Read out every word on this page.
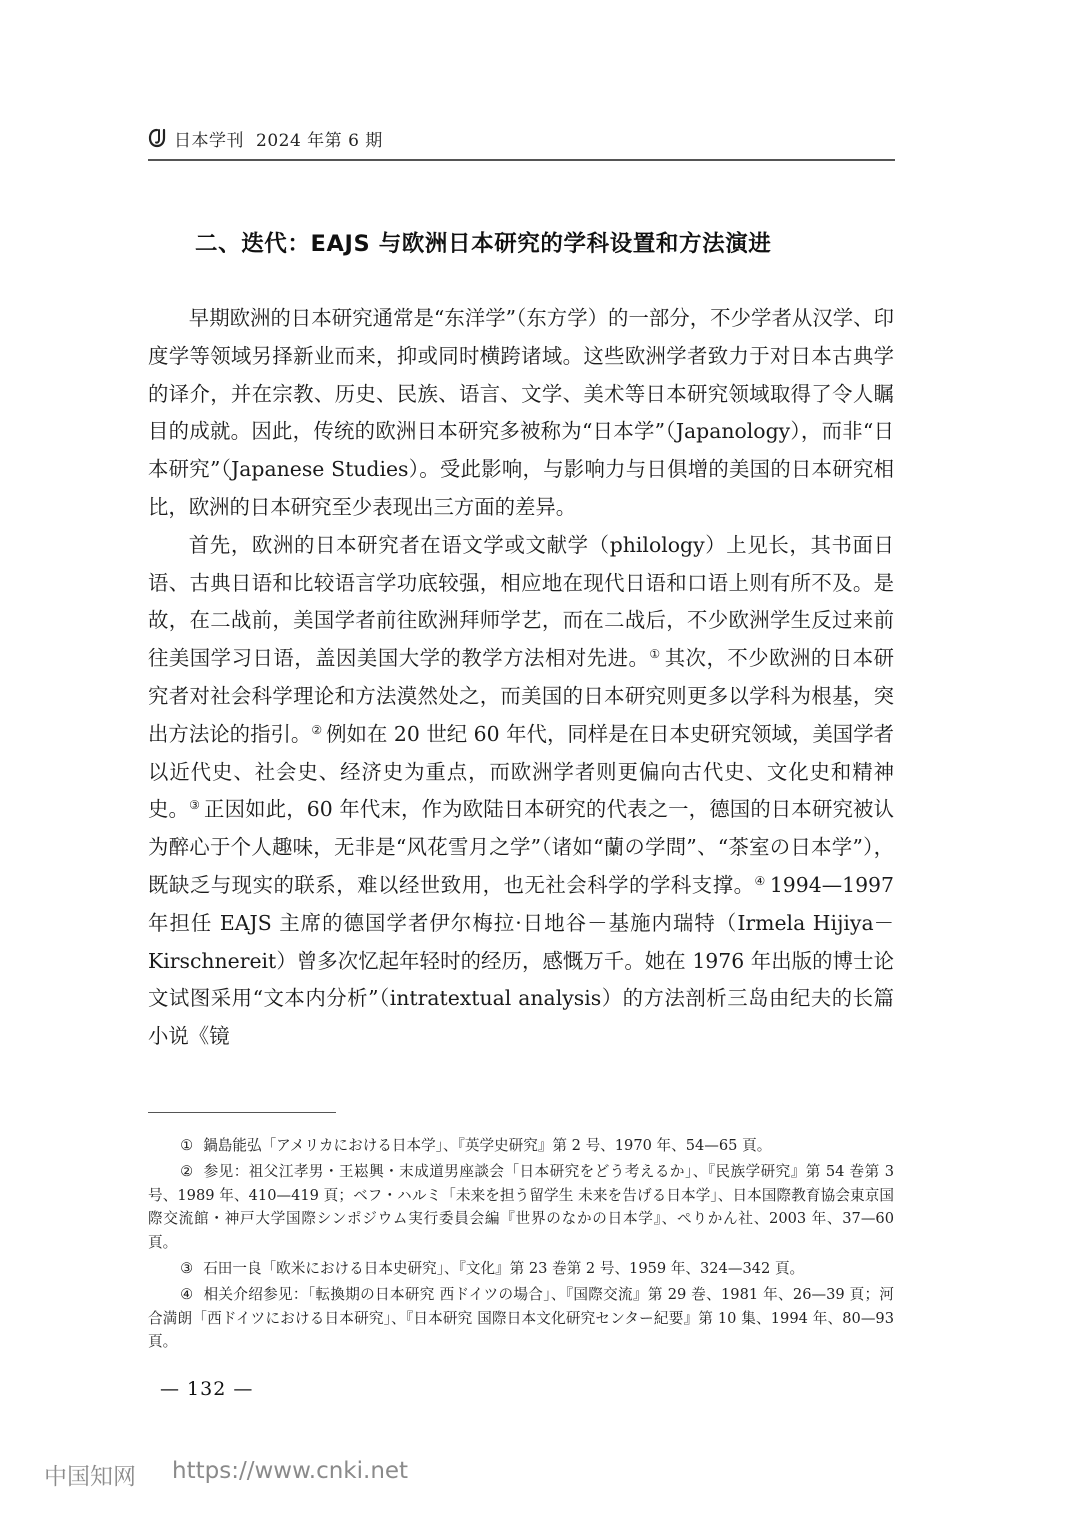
日本学刊 2024 年第 6 期
二、迭代：EAJS 与欧洲日本研究的学科设置和方法演进

早期欧洲的日本研究通常是“东洋学”（东方学）的一部分，不少学者从汉学、印度学等领域另择新业而来，抑或同时横跨诸域。这些欧洲学者致力于对日本古典学的译介，并在宗教、历史、民族、语言、文学、美术等日本研究领域取得了令人瞩目的成就。因此，传统的欧洲日本研究多被称为“日本学”（Japanology），而非“日本研究”（Japanese Studies）。受此影响，与影响力与日俱增的美国的日本研究相比，欧洲的日本研究至少表现出三方面的差异。

首先，欧洲的日本研究者在语文学或文献学（philology）上见长，其书面日语、古典日语和比较语言学功底较强，相应地在现代日语和口语上则有所不及。是故，在二战前，美国学者前往欧洲拜师学艺，而在二战后，不少欧洲学生反过来前往美国学习日语，盖因美国大学的教学方法相对先进。① 其次，不少欧洲的日本研究者对社会科学理论和方法漠然处之，而美国的日本研究则更多以学科为根基，突出方法论的指引。② 例如在 20 世纪 60 年代，同样是在日本史研究领域，美国学者以近代史、社会史、经济史为重点，而欧洲学者则更偏向古代史、文化史和精神史。③ 正因如此，60 年代末，作为欧陆日本研究的代表之一，德国的日本研究被认为醉心于个人趣味，无非是“风花雪月之学”（诸如“蘭の学問”、“茶室の日本学”），既缺乏与现实的联系，难以经世致用，也无社会科学的学科支撑。④ 1994—1997 年担任 EAJS 主席的德国学者伊尔梅拉·日地谷－基施内瑞特（Irmela Hijiya－Kirschnereit）曾多次忆起年轻时的经历，感慨万千。她在 1976 年出版的博士论文试图采用“文本内分析”（intratextual analysis）的方法剖析三岛由纪夫的长篇小说《镜

① 鍋島能弘「アメリカにおける日本学」、『英学史研究』第 2 号、1970 年、54—65 頁。

② 参见：祖父江孝男・王崧興・末成道男座談会「日本研究をどう考えるか」、『民族学研究』第 54 巻第 3 号、1989 年、410—419 頁；ベフ・ハルミ「未来を担う留学生 未来を告げる日本学」、日本国際教育協会東京国際交流館・神戸大学国際シンポジウム実行委員会編『世界のなかの日本学』、ぺりかん社、2003 年、37—60 頁。

③ 石田一良「欧米における日本史研究」、『文化』第 23 巻第 2 号、1959 年、324—342 頁。

④ 相关介绍参见：「転換期の日本研究 西ドイツの場合」、『国際交流』第 29 巻、1981 年、26—39 頁；河合満朗「西ドイツにおける日本研究」、『日本研究 国際日本文化研究センター紀要』第 10 集、1994 年、80—93 頁。

— 132 —
中国知网 https://www.cnki.net
